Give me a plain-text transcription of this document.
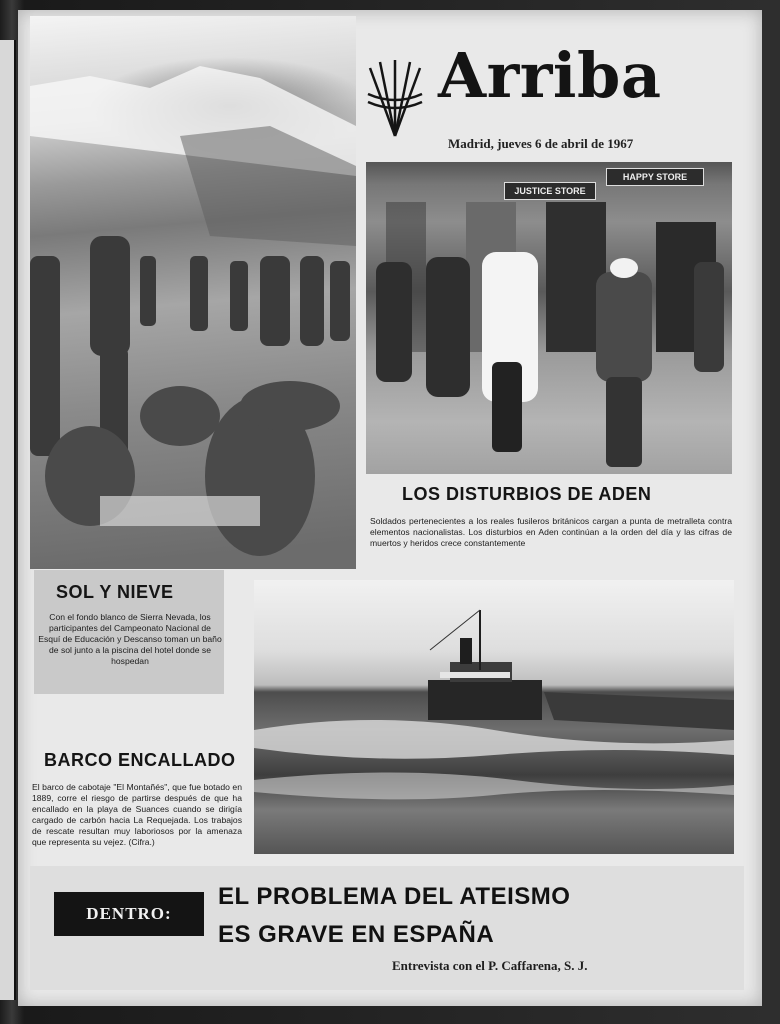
Arriba

Madrid, jueves 6 de abril de 1967

HAPPY STORE
JUSTICE STORE
LOS DISTURBIOS DE ADEN

Soldados pertenecientes a los reales fusileros británicos cargan a punta de metralleta contra elementos nacionalistas. Los disturbios en Aden continúan a la orden del día y las cifras de muertos y heridos crece constantemente

SOL Y NIEVE

Con el fondo blanco de Sierra Nevada, los participantes del Campeonato Nacional de Esquí de Educación y Descanso toman un baño de sol junto a la piscina del hotel donde se hospedan

BARCO ENCALLADO

El barco de cabotaje "El Montañés", que fue botado en 1889, corre el riesgo de partirse después de que ha encallado en la playa de Suances cuando se dirigía cargado de carbón hacia La Requejada. Los trabajos de rescate resultan muy laboriosos por la amenaza que representa su vejez. (Cifra.)

DENTRO:

EL PROBLEMA DEL ATEISMO

ES GRAVE EN ESPAÑA

Entrevista con el P. Caffarena, S. J.
